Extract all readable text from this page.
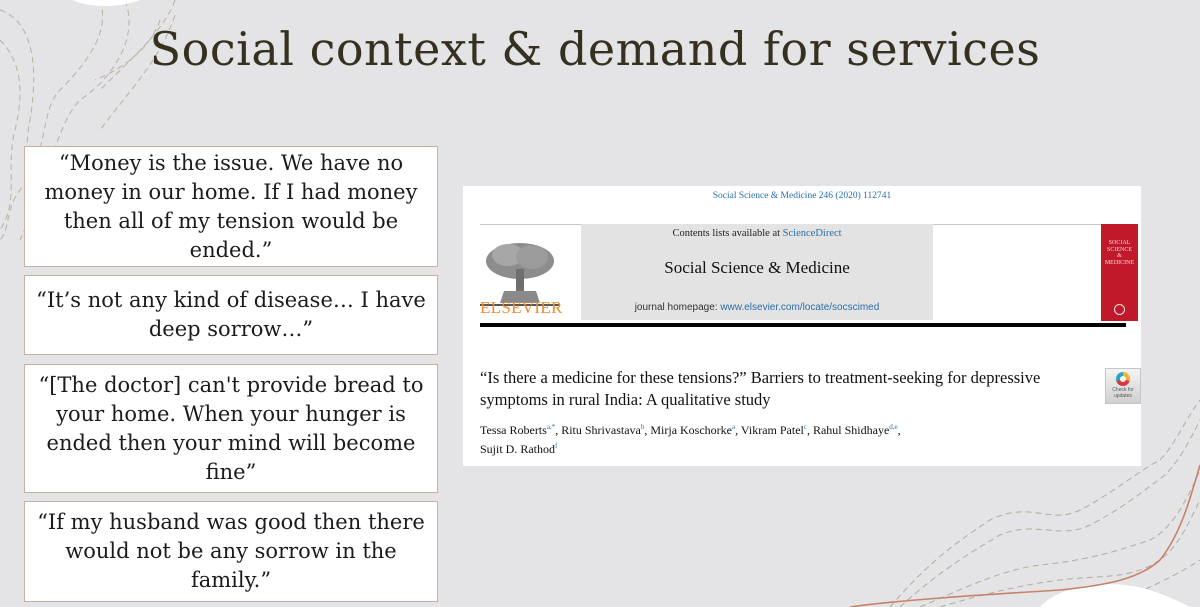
Social context & demand for services
“Money is the issue. We have no money in our home. If I had money then all of my tension would be ended.”
“It’s not any kind of disease… I have deep sorrow…”
“[The doctor] can't provide bread to your home. When your hunger is ended then your mind will become fine”
“If my husband was good then there would not be any sorrow in the family.”
Social Science & Medicine 246 (2020) 112741
ELSEVIER
Contents lists available at ScienceDirect
Social Science & Medicine
journal homepage: www.elsevier.com/locate/socscimed
SOCIAL
SCIENCE
&
MEDICINE
“Is there a medicine for these tensions?” Barriers to treatment-seeking for depressive symptoms in rural India: A qualitative study
Tessa Roberts$^{a,*}$, Ritu Shrivastava$^b$, Mirja Koschorke$^a$, Vikram Patel$^c$, Rahul Shidhaye$^{d,e}$,
Sujit D. Rathod$^f$
Check for updates
